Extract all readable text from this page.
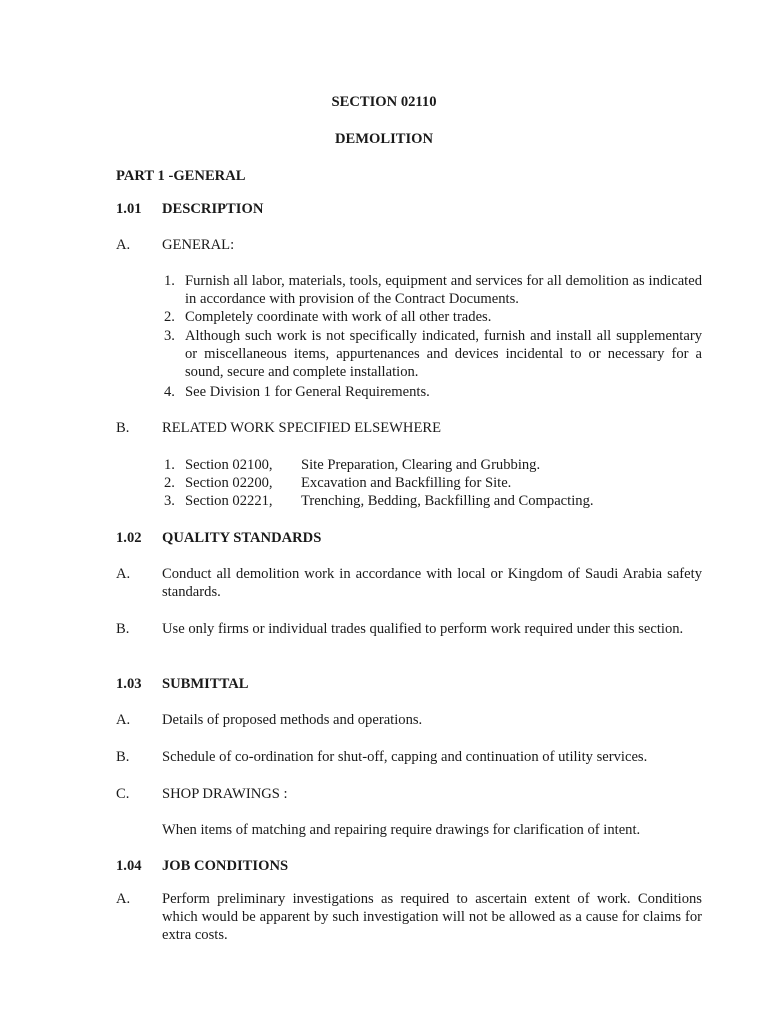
SECTION 02110
DEMOLITION
PART 1 -GENERAL
1.01 DESCRIPTION
A. GENERAL:
1. Furnish all labor, materials, tools, equipment and services for all demolition as indicated in accordance with provision of the Contract Documents.
2. Completely coordinate with work of all other trades.
3. Although such work is not specifically indicated, furnish and install all supplementary or miscellaneous items, appurtenances and devices incidental to or necessary for a sound, secure and complete installation.
4. See Division 1 for General Requirements.
B. RELATED WORK SPECIFIED ELSEWHERE
1. Section 02100, Site Preparation, Clearing and Grubbing.
2. Section 02200, Excavation and Backfilling for Site.
3. Section 02221, Trenching, Bedding, Backfilling and Compacting.
1.02 QUALITY STANDARDS
A. Conduct all demolition work in accordance with local or Kingdom of Saudi Arabia safety standards.
B. Use only firms or individual trades qualified to perform work required under this section.
1.03 SUBMITTAL
A. Details of proposed methods and operations.
B. Schedule of co-ordination for shut-off, capping and continuation of utility services.
C. SHOP DRAWINGS :
When items of matching and repairing require drawings for clarification of intent.
1.04 JOB CONDITIONS
A. Perform preliminary investigations as required to ascertain extent of work. Conditions which would be apparent by such investigation will not be allowed as a cause for claims for extra costs.
